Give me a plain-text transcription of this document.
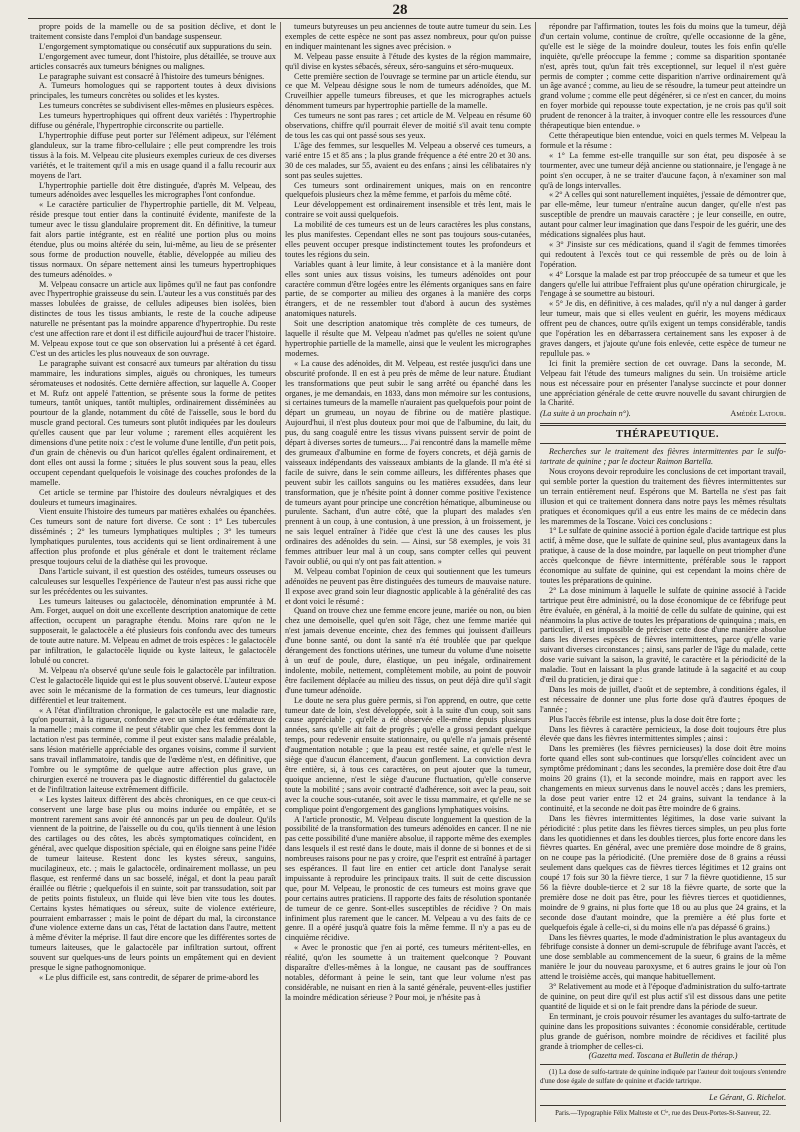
28

propre poids de la mamelle ou de sa position déclive, et dont le traitement consiste dans l'emploi d'un bandage suspenseur.

L'engorgement symptomatique ou consécutif aux suppurations du sein.

L'engorgement avec tumeur, dont l'histoire, plus détaillée, se trouve aux articles consacrés aux tumeurs bénignes ou malignes.

Le paragraphe suivant est consacré à l'histoire des tumeurs bénignes.

A. Tumeurs homologues qui se rapportent toutes à deux divisions principales, les tumeurs concrètes ou solides et les kystes.

Les tumeurs concrètes se subdivisent elles-mêmes en plusieurs espèces.

Les tumeurs hypertrophiques qui offrent deux variétés : l'hypertrophie diffuse ou générale, l'hypertrophie circonscrite ou partielle.

L'hypertrophie diffuse peut porter sur l'élément adipeux, sur l'élément glanduleux, sur la trame fibro-cellulaire ; elle peut comprendre les trois tissus à la fois. M. Velpeau cite plusieurs exemples curieux de ces diverses variétés, et le traitement qu'il a mis en usage quand il a fallu recourir aux moyens de l'art.

L'hypertrophie partielle doit être distinguée, d'après M. Velpeau, des tumeurs adénoïdes avec lesquelles les micrographes l'ont confondue.

« Le caractère particulier de l'hypertrophie partielle, dit M. Velpeau, réside presque tout entier dans la continuité évidente, manifeste de la tumeur avec le tissu glandulaire proprement dit. En définitive, la tumeur fait alors partie intégrante, est en réalité une portion plus ou moins étendue, plus ou moins altérée du sein, lui-même, au lieu de se présenter sous forme de production nouvelle, établie, développée au milieu des tissus normaux. On sépare nettement ainsi les tumeurs hypertrophiques des tumeurs adénoïdes. »

M. Velpeau consacre un article aux lipômes qu'il ne faut pas confondre avec l'hypertrophie graisseuse du sein. L'auteur les a vus constitués par des masses lobulées de graisse, de cellules adipeuses bien isolées, bien distinctes de tous les tissus ambiants, le reste de la couche adipeuse naturelle ne présentant pas la moindre apparence d'hypertrophie. Du reste c'est une affection rare et dont il est difficile aujourd'hui de tracer l'histoire. M. Velpeau expose tout ce que son observation lui a présenté à cet égard. C'est un des articles les plus nouveaux de son ouvrage.

Le paragraphe suivant est consacré aux tumeurs par altération du tissu mammaire, les indurations simples, aiguës ou chroniques, les tumeurs séromateuses et nodosités. Cette dernière affection, sur laquelle A. Cooper et M. Rufz ont appelé l'attention, se présente sous la forme de petites tumeurs, tantôt uniques, tantôt multiples, ordinairement disséminées au pourtour de la glande, notamment du côté de l'aisselle, sous le bord du muscle grand pectoral. Ces tumeurs sont plutôt indiquées par les douleurs qu'elles causent que par leur volume ; rarement elles acquièrent les dimensions d'une petite noix : c'est le volume d'une lentille, d'un petit pois, d'un grain de chènevis ou d'un haricot qu'elles égalent ordinairement, et dont elles ont aussi la forme ; situées le plus souvent sous la peau, elles occupent cependant quelquefois le voisinage des couches profondes de la mamelle.

Cet article se termine par l'histoire des douleurs névralgiques et des douleurs et tumeurs imaginaires.

Vient ensuite l'histoire des tumeurs par matières exhalées ou épanchées. Ces tumeurs sont de nature fort diverse. Ce sont : 1° Les tubercules disséminés ; 2° les tumeurs lymphatiques multiples ; 3° les tumeurs lymphatiques purulentes, tous accidents qui se lient ordinairement à une affection plus profonde et plus générale et dont le traitement réclame presque toujours celui de la diathèse qui les provoque.

Dans l'article suivant, il est question des ostéides, tumeurs osseuses ou calculeuses sur lesquelles l'expérience de l'auteur n'est pas aussi riche que sur les précédentes ou les suivantes.

Les tumeurs laiteuses ou galactocèle, dénomination empruntée à M. Am. Forget, auquel on doit une excellente description anatomique de cette affection, occupent un paragraphe étendu. Moins rare qu'on ne le supposerait, le galactocèle a été plusieurs fois confondu avec des tumeurs de toute autre nature. M. Velpeau en admet de trois espèces : le galactocèle par infiltration, le galactocèle liquide ou kyste laiteux, le galactocèle lobulé ou concret.

M. Velpeau n'a observé qu'une seule fois le galactocèle par infiltration. C'est le galactocèle liquide qui est le plus souvent observé. L'auteur expose avec soin le mécanisme de la formation de ces tumeurs, leur diagnostic différentiel et leur traitement.

« A l'état d'infiltration chronique, le galactocèle est une maladie rare, qu'on pourrait, à la rigueur, confondre avec un simple état œdémateux de la mamelle ; mais comme il ne peut s'établir que chez les femmes dont la lactation n'est pas terminée, comme il peut exister sans maladie préalable, sans lésion matérielle appréciable des organes voisins, comme il survient sans travail inflammatoire, tandis que de l'œdème n'est, en définitive, que l'ombre ou le symptôme de quelque autre affection plus grave, un chirurgien exercé ne trouvera pas le diagnostic différentiel du galactocèle et de l'infiltration laiteuse extrêmement difficile.

« Les kystes laiteux diffèrent des abcès chroniques, en ce que ceux-ci conservent une large base plus ou moins indurée ou empâtée, et se montrent rarement sans avoir été annoncés par un peu de douleur. Qu'ils viennent de la poitrine, de l'aisselle ou du cou, qu'ils tiennent à une lésion des cartilages ou des côtes, les abcès symptomatiques coïncident, en général, avec quelque disposition spéciale, qui en éloigne sans peine l'idée de tumeur laiteuse. Restent donc les kystes séreux, sanguins, mucilagineux, etc. ; mais le galactocèle, ordinairement mollasse, un peu flasque, est renfermé dans un sac bosselé, inégal, et dont la peau paraît éraillée ou flétrie ; quelquefois il en suinte, soit par transsudation, soit par de petits points fistuleux, un fluide qui lève bien vite tous les doutes. Certains kystes hématiques ou séreux, suite de violence extérieure, pourraient embarrasser ; mais le point de départ du mal, la circonstance d'une violence externe dans un cas, l'état de lactation dans l'autre, mettent à même d'éviter la méprise. Il faut dire encore que les différentes sortes de tumeurs laiteuses, que le galactocèle par infiltration surtout, offrent souvent sur quelques-uns de leurs points un empâtement qui en devient presque le signe pathognomonique.

« Le plus difficile est, sans contredit, de séparer de prime-abord les

tumeurs butyreuses un peu anciennes de toute autre tumeur du sein. Les exemples de cette espèce ne sont pas assez nombreux, pour qu'on puisse en indiquer maintenant les signes avec précision. »

M. Velpeau passe ensuite à l'étude des kystes de la région mammaire, qu'il divise en kystes sébacés, séreux, séro-sanguins et séro-muqueux.

Cette première section de l'ouvrage se termine par un article étendu, sur ce que M. Velpeau désigne sous le nom de tumeurs adénoïdes, que M. Cruveilhier appelle tumeurs fibreuses, et que les micrographes actuels dénomment tumeurs par hypertrophie partielle de la mamelle.

Ces tumeurs ne sont pas rares ; cet article de M. Velpeau en résume 60 observations, chiffre qu'il pourrait élever de moitié s'il avait tenu compte de tous les cas qui ont passé sous ses yeux.

L'âge des femmes, sur lesquelles M. Velpeau a observé ces tumeurs, a varié entre 15 et 85 ans ; la plus grande fréquence a été entre 20 et 30 ans. 30 de ces malades, sur 55, avaient eu des enfans ; ainsi les célibataires n'y sont pas seules sujettes.

Ces tumeurs sont ordinairement uniques, mais on en rencontre quelquefois plusieurs chez la même femme, et parfois du même côté.

Leur développement est ordinairement insensible et très lent, mais le contraire se voit aussi quelquefois.

La mobilité de ces tumeurs est un de leurs caractères les plus constans, les plus manifestes. Cependant elles ne sont pas toujours sous-cutanées, elles peuvent occuper presque indistinctement toutes les profondeurs et toutes les régions du sein.

Variables quant à leur limite, à leur consistance et à la manière dont elles sont unies aux tissus voisins, les tumeurs adénoïdes ont pour caractère commun d'être logées entre les éléments organiques sans en faire partie, de se comporter au milieu des organes à la manière des corps étrangers, et de ne ressembler tout d'abord à aucun des systèmes anatomiques naturels.

Soit une description anatomique très complète de ces tumeurs, de laquelle il résulte que M. Velpeau n'admet pas qu'elles ne soient qu'une hypertrophie partielle de la mamelle, ainsi que le veulent les micrographes modernes.

« La cause des adénoïdes, dit M. Velpeau, est restée jusqu'ici dans une obscurité profonde. Il en est à peu près de même de leur nature. Étudiant les transformations que peut subir le sang arrêté ou épanché dans les organes, je me demandais, en 1833, dans mon mémoire sur les contusions, si certaines tumeurs de la mamelle n'auraient pas quelquefois pour point de départ un grumeau, un noyau de fibrine ou de matière plastique. Aujourd'hui, il n'est plus douteux pour moi que de l'albumine, du lait, du pus, du sang coagulé entre les tissus vivans puissent servir de point de départ à diverses sortes de tumeurs.... J'ai rencontré dans la mamelle même des grumeaux d'albumine en forme de foyers concrets, et déjà garnis de vaisseaux indépendants des vaisseaux ambiants de la glande. Il m'a été si facile de suivre, dans le sein comme ailleurs, les différentes phases que peuvent subir les caillots sanguins ou les matières exsudées, dans leur transformation, que je n'hésite point à donner comme positive l'existence de tumeurs ayant pour principe une concrétion hématique, albumineuse ou purulente. Sachant, d'un autre côté, que la plupart des malades s'en prennent à un coup, à une contusion, à une pression, à un froissement, je ne sais lequel entraîner à l'idée que c'est là une des causes les plus ordinaires des adénoïdes du sein. — Ainsi, sur 58 exemples, je vois 31 femmes attribuer leur mal à un coup, sans compter celles qui peuvent l'avoir oublié, ou qui n'y ont pas fait attention. »

M. Velpeau combat l'opinion de ceux qui soutiennent que les tumeurs adénoïdes ne peuvent pas être distinguées des tumeurs de mauvaise nature. Il expose avec grand soin leur diagnostic applicable à la généralité des cas et dont voici le résumé :

Quand on trouve chez une femme encore jeune, mariée ou non, ou bien chez une demoiselle, quel qu'en soit l'âge, chez une femme mariée qui n'est jamais devenue enceinte, chez des femmes qui jouissent d'ailleurs d'une bonne santé, ou dont la santé n'a été troublée que par quelque dérangement des fonctions utérines, une tumeur du volume d'une noisette à un œuf de poule, dure, élastique, un peu inégale, ordinairement indolente, mobile, nettement, complètement mobile, au point de pouvoir être facilement déplacée au milieu des tissus, on peut déjà dire qu'il s'agit d'une tumeur adénoïde.

Le doute ne sera plus guère permis, si l'on apprend, en outre, que cette tumeur date de loin, s'est développée, soit à la suite d'un coup, soit sans cause appréciable ; qu'elle a été observée elle-même depuis plusieurs années, sans qu'elle ait fait de progrès ; qu'elle a grossi pendant quelque temps, pour redevenir ensuite stationnaire, ou qu'elle n'a jamais présenté d'augmentation notable ; que la peau est restée saine, et qu'elle n'est le siège que d'aucun élancement, d'aucun gonflement. La conviction devra être entière, si, à tous ces caractères, on peut ajouter que la tumeur, quoique ancienne, n'est le siège d'aucune fluctuation, qu'elle conserve toute la mobilité ; sans avoir contracté d'adhérence, soit avec la peau, soit avec la couche sous-cutanée, soit avec le tissu mammaire, et qu'elle ne se complique point d'engorgement des ganglions lymphatiques voisins.

A l'article pronostic, M. Velpeau discute longuement la question de la possibilité de la transformation des tumeurs adénoïdes en cancer. Il ne nie pas cette possibilité d'une manière absolue, il rapporte même des exemples dans lesquels il est resté dans le doute, mais il donne de si bonnes et de si nombreuses raisons pour ne pas y croire, que l'esprit est entraîné à partager ses espérances. Il faut lire en entier cet article dont l'analyse serait impuissante à reproduire les principaux traits. Il suit de cette discussion que, pour M. Velpeau, le pronostic de ces tumeurs est moins grave que pour certains autres praticiens. Il rapporte des faits de résolution spontanée de tumeur de ce genre. Sont-elles susceptibles de récidive ? On mais infiniment plus rarement que le cancer. M. Velpeau a vu des faits de ce genre. Il a opéré jusqu'à quatre fois la même femme. Il n'y a pas eu de cinquième récidive.

« Avec le pronostic que j'en ai porté, ces tumeurs méritent-elles, en réalité, qu'on les soumette à un traitement quelconque ? Pouvant disparaître d'elles-mêmes à la longue, ne causant pas de souffrances notables, déformant à peine le sein, tant que leur volume n'est pas considérable, ne nuisant en rien à la santé générale, peuvent-elles justifier la moindre médication sérieuse ? Pour moi, je n'hésite pas à

répondre par l'affirmation, toutes les fois du moins que la tumeur, déjà d'un certain volume, continue de croître, qu'elle occasionne de la gêne, qu'elle est le siège de la moindre douleur, toutes les fois enfin qu'elle inquiète, qu'elle préoccupe la femme ; comme sa disparition spontanée n'est, après tout, qu'un fait très exceptionnel, sur lequel il n'est guère permis de compter ; comme cette disparition n'arrive ordinairement qu'à un âge avancé ; comme, au lieu de se résoudre, la tumeur peut atteindre un grand volume ; comme elle peut dégénérer, si ce n'est en cancer, du moins en foyer morbide qui repousse toute expectation, je ne crois pas qu'il soit prudent de renoncer à la traiter, à invoquer contre elle les ressources d'une thérapeutique bien entendue. »

Cette thérapeutique bien entendue, voici en quels termes M. Velpeau la formule et la résume :

« 1° La femme est-elle tranquille sur son état, peu disposée à se tourmenter, avec une tumeur déjà ancienne ou stationnaire, je l'engage à ne point s'en occuper, à ne se traiter d'aucune façon, à n'examiner son mal qu'à de longs intervalles.

« 2° A celles qui sont naturellement inquiètes, j'essaie de démontrer que, par elle-même, leur tumeur n'entraîne aucun danger, qu'elle n'est pas susceptible de prendre un mauvais caractère ; je leur conseille, en outre, autant pour calmer leur imagination que dans l'espoir de les guérir, une des médications signalées plus haut.

« 3° J'insiste sur ces médications, quand il s'agit de femmes timorées qui redoutent à l'excès tout ce qui ressemble de près ou de loin à l'opération.

« 4° Lorsque la malade est par trop préoccupée de sa tumeur et que les dangers qu'elle lui attribue l'effraient plus qu'une opération chirurgicale, je l'engage à se soumettre au bistouri.

« 5° Je dis, en définitive, à ces malades, qu'il n'y a nul danger à garder leur tumeur, mais que si elles veulent en guérir, les moyens médicaux offrent peu de chances, outre qu'ils exigent un temps considérable, tandis que l'opération les en débarrassera certainement sans les exposer à de graves dangers, et j'ajoute qu'une fois enlevée, cette espèce de tumeur ne repullule pas. »

Ici finit la première section de cet ouvrage. Dans la seconde, M. Velpeau fait l'étude des tumeurs malignes du sein. Un troisième article nous est nécessaire pour en présenter l'analyse succincte et pour donner une appréciation générale de cette œuvre nouvelle du savant chirurgien de la Charité.

(La suite à un prochain n°).	Amédée Latour.

THÉRAPEUTIQUE.

Recherches sur le traitement des fièvres intermittentes par le sulfo-tartrate de quinine ; par le docteur Raimon Bartella.

Nous croyons devoir reproduire les conclusions de cet important travail, qui semble porter la question du traitement des fièvres intermittentes sur un terrain entièrement neuf. Espérons que M. Bartella ne s'est pas fait illusion et qui ce traitement donnera dans notre pays les mêmes résultats pratiques et économiques qu'il a eus entre les mains de ce médecin dans les maremmes de la Toscane. Voici ces conclusions :

1° Le sulfate de quinine associé à portion égale d'acide tartrique est plus actif, à même dose, que le sulfate de quinine seul, plus avantageux dans la pratique, à cause de la dose moindre, par laquelle on peut triompher d'une accès quelconque de fièvre intermittente, préférable sous le rapport économique au sulfate de quinine, qui est cependant la moins chère de toutes les préparations de quinine.

2° La dose minimum à laquelle le sulfate de quinine associé à l'acide tartrique peut être administré, ou la dose économique de ce fébrifuge peut être évaluée, en général, à la moitié de celle du sulfate de quinine, qui est néanmoins la plus active de toutes les préparations de quinquina ; mais, en particulier, il est impossible de préciser cette dose d'une manière absolue dans les diverses espèces de fièvres intermittentes, parce qu'elle varie suivant diverses circonstances ; ainsi, sans parler de l'âge du malade, cette dose varie suivant la saison, la gravité, le caractère et la périodicité de la maladie. Tout en laissant la plus grande latitude à la sagacité et au coup d'œil du praticien, je dirai que :

Dans les mois de juillet, d'août et de septembre, à conditions égales, il est nécessaire de donner une plus forte dose qu'à d'autres époques de l'année ;

Plus l'accès fébrile est intense, plus la dose doit être forte ;

Dans les fièvres à caractère pernicieux, la dose doit toujours être plus élevée que dans les fièvres intermittentes simples ; ainsi :

Dans les premières (les fièvres pernicieuses) la dose doit être moins forte quand elles sont sub-continues que lorsqu'elles coïncident avec un symptôme prédominant ; dans les secondes, la première dose doit être d'au moins 20 grains (1), et la seconde moindre, mais en rapport avec les changements en mieux survenus dans le nouvel accès ; dans les premiers, la dose peut varier entre 12 et 24 grains, suivant la tendance à la continuité, et la seconde ne doit pas être moindre de 6 grains.

Dans les fièvres intermittentes légitimes, la dose varie suivant la périodicité : plus petite dans les fièvres tierces simples, un peu plus forte dans les quotidiennes et dans les doubles tierces, plus forte encore dans les fièvres quartes. En général, avec une première dose moindre de 8 grains, on ne coupe pas la périodicité. (Une première dose de 8 grains a réussi seulement dans quelques cas de fièvres tierces légitimes et 12 grains ont coupé 17 fois sur 30 la fièvre tierce, 1 sur 7 la fièvre quotidienne, 15 sur 56 la fièvre double-tierce et 2 sur 18 la fièvre quarte, de sorte que la première dose ne doit pas être, pour les fièvres tierces et quotidiennes, moindre de 9 grains, ni plus forte que 18 ou au plus que 24 grains, et la seconde dose d'autant moindre, que la première a été plus forte et quelquefois égale à celle-ci, si du moins elle n'a pas dépassé 6 grains.)

Dans les fièvres quartes, le mode d'administration le plus avantageux du fébrifuge consiste à donner un demi-scrupule de fébrifuge avant l'accès, et une dose semblable au commencement de la sueur, 6 grains de la même manière le jour du nouveau paroxysme, et 6 autres grains le jour où l'on attend le troisième accès, qui manque habituellement.

3° Relativement au mode et à l'époque d'administration du sulfo-tartrate de quinine, on peut dire qu'il est plus actif s'il est dissous dans une petite quantité de liquide et si on le fait prendre dans la période de sueur.

En terminant, je crois pouvoir résumer les avantages du sulfo-tartrate de quinine dans les propositions suivantes : économie considérable, certitude plus grande de guérison, nombre moindre de récidives et facilité plus grande à triompher de celles-ci.

(Gazetta med. Toscana et Bulletin de thérap.)

(1) La dose de sulfo-tartrate de quinine indiquée par l'auteur doit toujours s'entendre d'une dose égale de sulfate de quinine et d'acide tartrique.

Le Gérant, G. Richelot.

Paris.—Typographie Félix Malteste et Cⁱᵉ, rue des Deux-Portes-St-Sauveur, 22.
